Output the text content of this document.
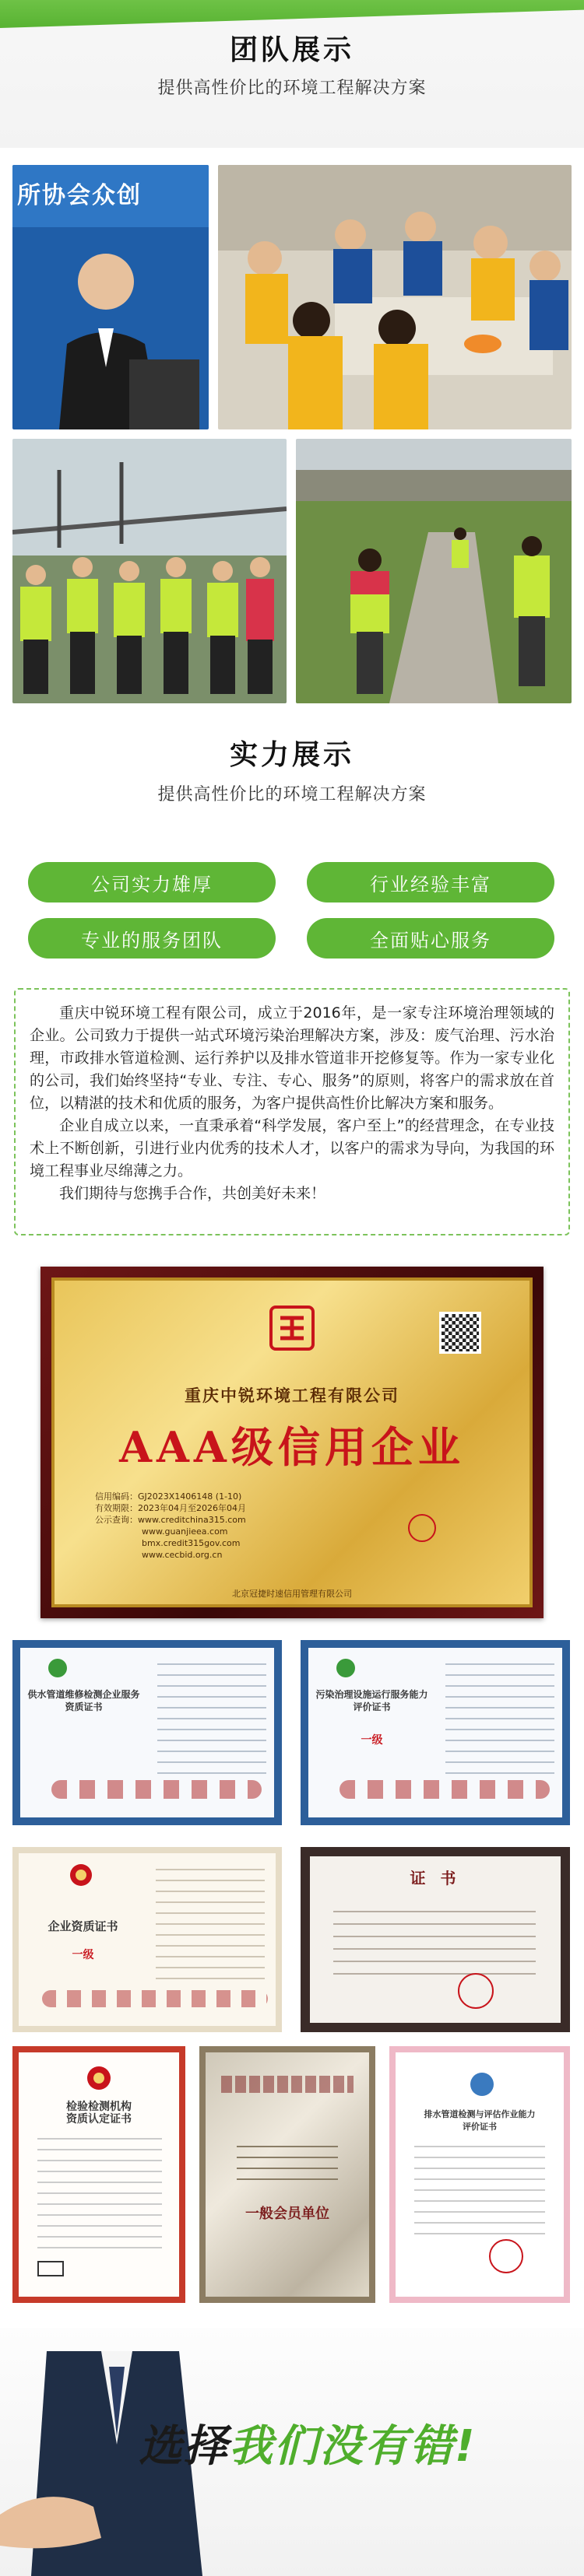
团队展示
提供高性价比的环境工程解决方案
所协会众创
实力展示
提供高性价比的环境工程解决方案
公司实力雄厚	行业经验丰富
专业的服务团队	全面贴心服务

重庆中锐环境工程有限公司，成立于2016年，是一家专注环境治理领域的企业。公司致力于提供一站式环境污染治理解决方案，涉及：废气治理、污水治理，市政排水管道检测、运行养护以及排水管道非开挖修复等。作为一家专业化的公司，我们始终坚持“专业、专注、专心、服务”的原则，将客户的需求放在首位，以精湛的技术和优质的服务，为客户提供高性价比解决方案和服务。

企业自成立以来，一直秉承着“科学发展，客户至上”的经营理念，在专业技术上不断创新，引进行业内优秀的技术人才，以客户的需求为导向，为我国的环境工程事业尽绵薄之力。

我们期待与您携手合作，共创美好未来！

重庆中锐环境工程有限公司
AAA级信用企业
信用编码：GJ2023X1406148 (1-10)
有效期限：2023年04月至2026年04月
公示查询：www.creditchina315.com
www.guanjieea.com
bmx.credit315gov.com
www.cecbid.org.cn
北京冠捷时速信用管理有限公司
供水管道维修检测企业服务
资质证书
污染治理设施运行服务能力
评价证书
一级
企业资质证书
一级
证 书
检验检测机构
资质认定证书
一般会员单位
排水管道检测与评估作业能力
评价证书
选择我们没有错!
